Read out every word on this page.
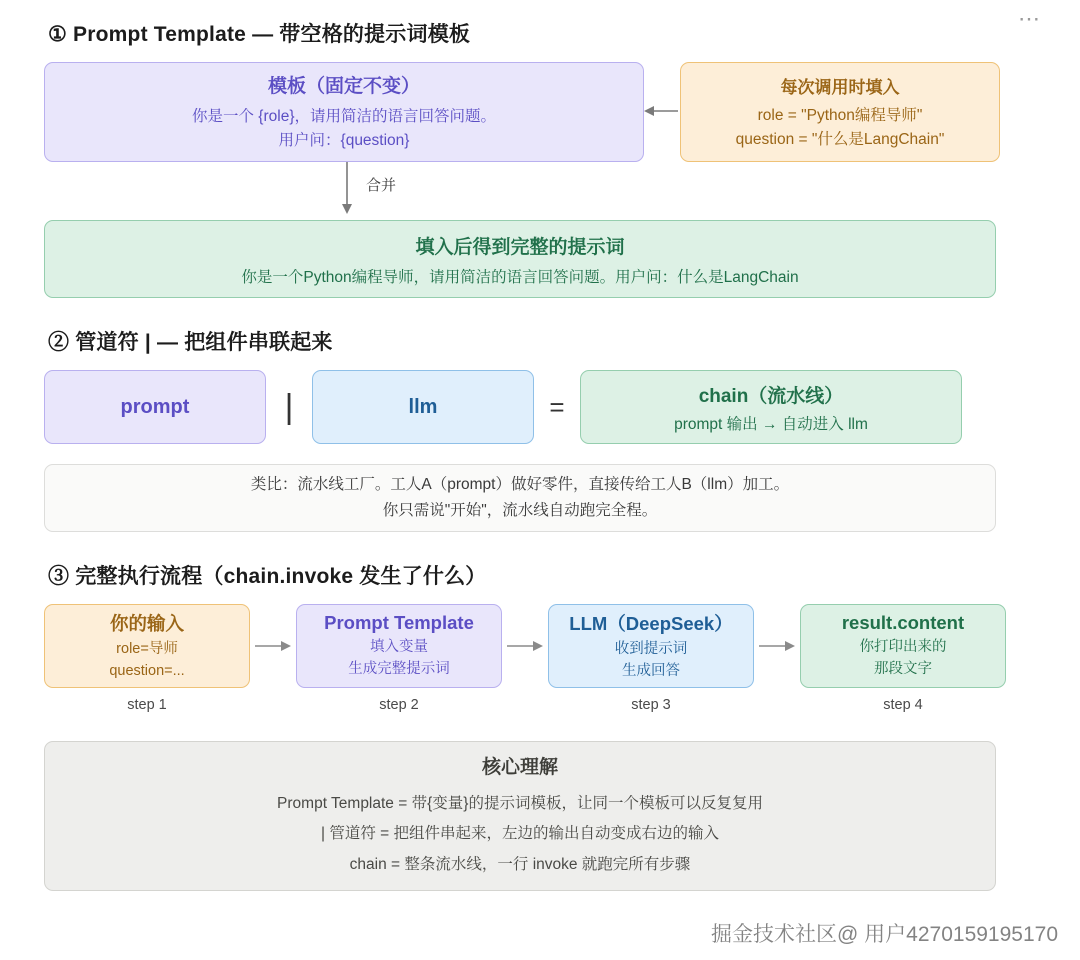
⋯
① Prompt Template — 带空格的提示词模板
模板（固定不变）
你是一个 {role}，请用简洁的语言回答问题。
用户问：{question}
每次调用时填入
role = "Python编程导师"
question = "什么是LangChain"
合并
填入后得到完整的提示词
你是一个Python编程导师，请用简洁的语言回答问题。用户问：什么是LangChain
② 管道符 | — 把组件串联起来
prompt	|	llm	=	chain（流水线）
prompt 输出 → 自动进入 llm
类比：流水线工厂。工人A（prompt）做好零件，直接传给工人B（llm）加工。
你只需说"开始"，流水线自动跑完全程。
③ 完整执行流程（chain.invoke 发生了什么）
你的输入
role=导师
question=...
step 1
Prompt Template
填入变量
生成完整提示词
step 2
LLM（DeepSeek）
收到提示词
生成回答
step 3
result.content
你打印出来的
那段文字
step 4
核心理解
Prompt Template = 带{变量}的提示词模板，让同一个模板可以反复复用
| 管道符 = 把组件串起来，左边的输出自动变成右边的输入
chain = 整条流水线，一行 invoke 就跑完所有步骤
掘金技术社区@ 用户4270159195170
